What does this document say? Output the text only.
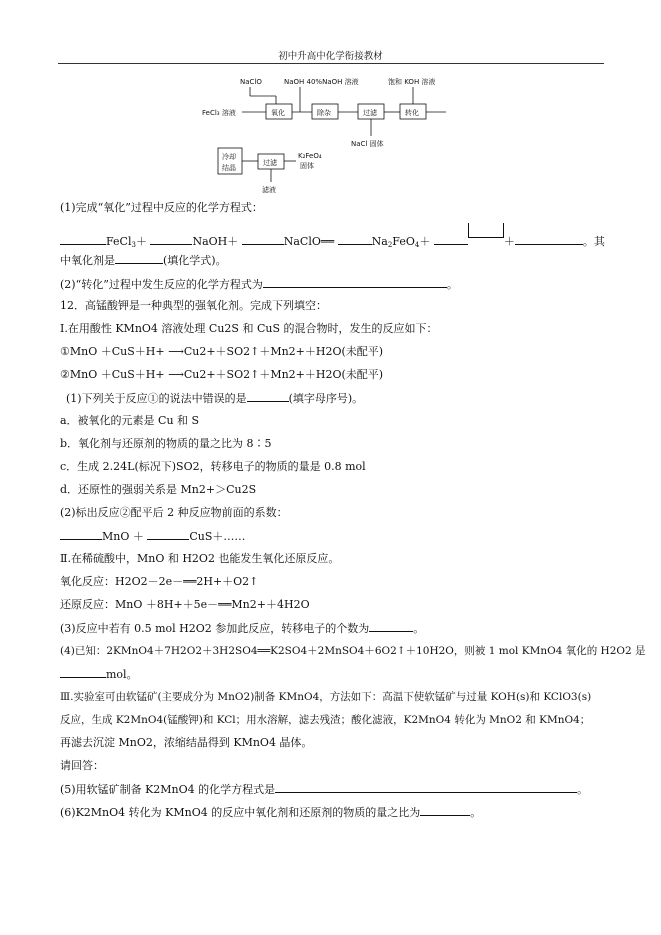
初中升高中化学衔接教材
NaClO	NaOH 40%NaOH 溶液	饱和 KOH 溶液
FeCl₃ 溶液	氧化	除杂	过滤
NaCl 固体
转化
冷却
结晶
过滤
K₂FeO₄
固体
滤液
(1)完成“氧化”过程中反应的化学方程式：
FeCl$_3$＋	NaOH＋	NaClO══	$Na_2FeO_4+$	＋	。其
中氧化剂是	(填化学式)。
(2)“转化”过程中发生反应的化学方程式为	。
12．高锰酸钾是一种典型的强氧化剂。完成下列填空：
Ⅰ.在用酸性 KMnO4 溶液处理 Cu2S 和 CuS 的混合物时，发生的反应如下：
①MnO ＋CuS＋H+ ⟶Cu2+＋SO2↑＋Mn2+＋H2O(未配平)
②MnO ＋CuS＋H+ ⟶Cu2+＋SO2↑＋Mn2+＋H2O(未配平)
(1)下列关于反应①的说法中错误的是	(填字母序号)。
a．被氧化的元素是 Cu 和 S
b．氧化剂与还原剂的物质的量之比为 8∶5
c．生成 2.24L(标况下)SO2，转移电子的物质的量是 0.8 mol
d．还原性的强弱关系是 Mn2+＞Cu2S
(2)标出反应②配平后 2 种反应物前面的系数：
MnO ＋	CuS＋……
Ⅱ.在稀硫酸中，MnO 和 H2O2 也能发生氧化还原反应。
氧化反应：H2O2－2e－══2H+＋O2↑
还原反应：MnO ＋8H+＋5e－══Mn2+＋4H2O
(3)反应中若有 0.5 mol H2O2 参加此反应，转移电子的个数为	。
(4)已知：2KMnO4＋7H2O2＋3H2SO4══K2SO4＋2MnSO4＋6O2↑＋10H2O，则被 1 mol KMnO4 氧化的 H2O2 是
mol。
Ⅲ.实验室可由软锰矿(主要成分为 MnO2)制备 KMnO4，方法如下：高温下使软锰矿与过量 KOH(s)和 KClO3(s)
反应，生成 K2MnO4(锰酸钾)和 KCl；用水溶解，滤去残渣；酸化滤液，K2MnO4 转化为 MnO2 和 KMnO4；
再滤去沉淀 MnO2，浓缩结晶得到 KMnO4 晶体。
请回答：
(5)用软锰矿制备 K2MnO4 的化学方程式是	。
(6)K2MnO4 转化为 KMnO4 的反应中氧化剂和还原剂的物质的量之比为	。
